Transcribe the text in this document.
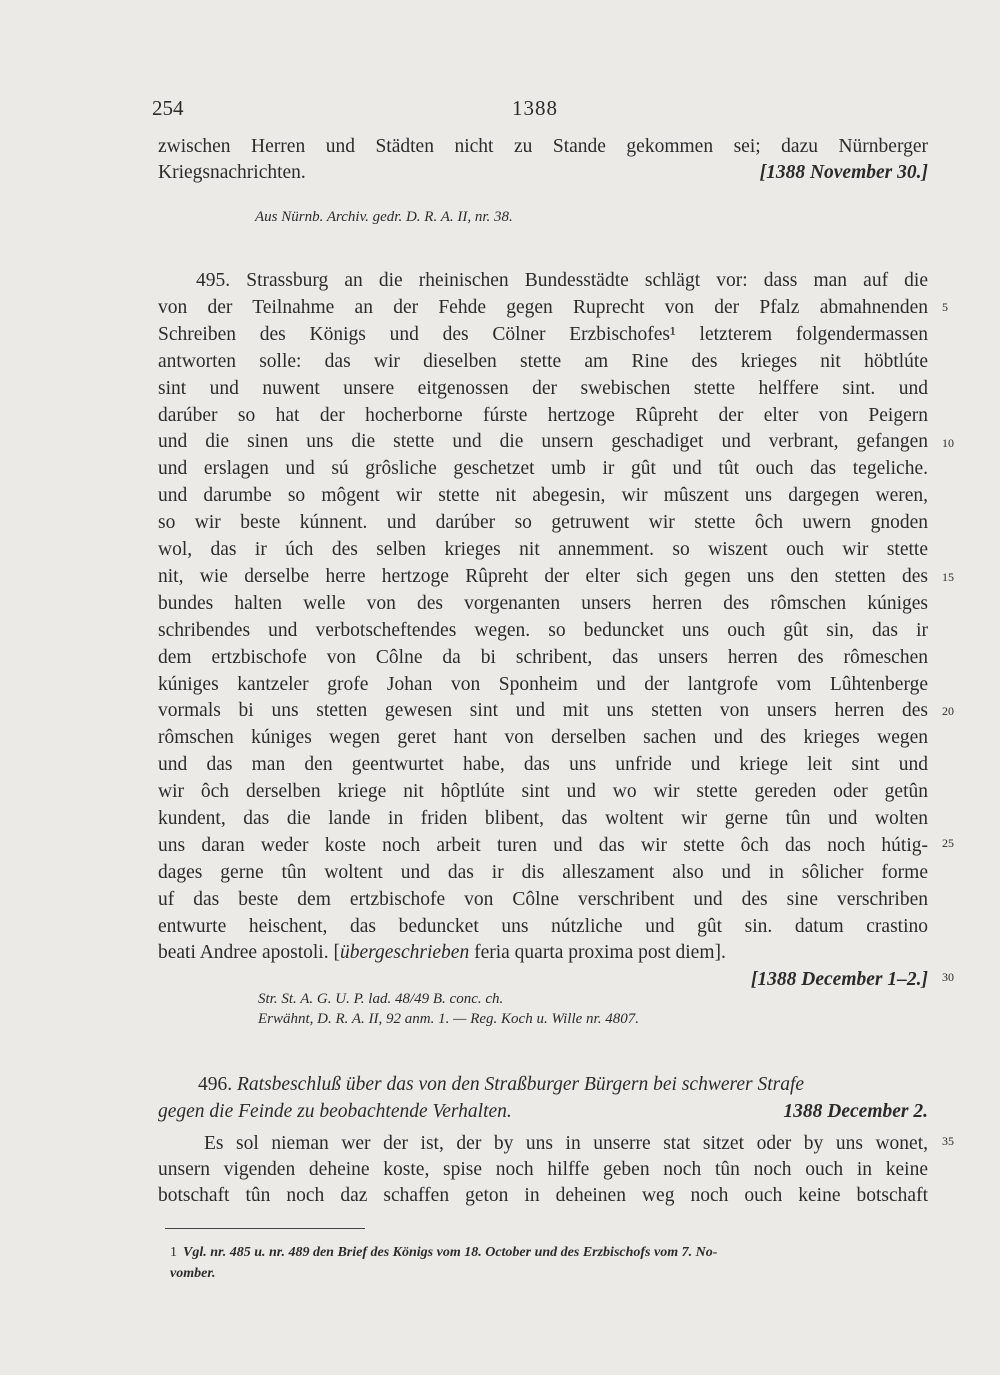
254	1388
zwischen Herren und Städten nicht zu Stande gekommen sei; dazu Nürnberger
Kriegsnachrichten.	[1388 November 30.]
Aus Nürnb. Archiv. gedr. D. R. A. II, nr. 38.
495. Strassburg an die rheinischen Bundesstädte schlägt vor: dass man auf die
von der Teilnahme an der Fehde gegen Ruprecht von der Pfalz abmahnenden
Schreiben des Königs und des Cölner Erzbischofes¹ letzterem folgendermassen
antworten solle: das wir dieselben stette am Rine des krieges nit höbtlúte
sint und nuwent unsere eitgenossen der swebischen stette helffere sint. und
darúber so hat der hocherborne fúrste hertzoge Rûpreht der elter von Peigern
und die sinen uns die stette und die unsern geschadiget und verbrant, gefangen
und erslagen und sú grôsliche geschetzet umb ir gût und tût ouch das tegeliche.
und darumbe so môgent wir stette nit abegesin, wir mûszent uns dargegen weren,
so wir beste kúnnent. und darúber so getruwent wir stette ôch uwern gnoden
wol, das ir úch des selben krieges nit annemment. so wiszent ouch wir stette
nit, wie derselbe herre hertzoge Rûpreht der elter sich gegen uns den stetten des
bundes halten welle von des vorgenanten unsers herren des rômschen kúniges
schribendes und verbotscheftendes wegen. so beduncket uns ouch gût sin, das ir
dem ertzbischofe von Côlne da bi schribent, das unsers herren des rômeschen
kúniges kantzeler grofe Johan von Sponheim und der lantgrofe vom Lûhtenberge
vormals bi uns stetten gewesen sint und mit uns stetten von unsers herren des
rômschen kúniges wegen geret hant von derselben sachen und des krieges wegen
und das man den geentwurtet habe, das uns unfride und kriege leit sint und
wir ôch derselben kriege nit hôptlúte sint und wo wir stette gereden oder getûn
kundent, das die lande in friden blibent, das woltent wir gerne tûn und wolten
uns daran weder koste noch arbeit turen und das wir stette ôch das noch hútig-
dages gerne tûn woltent und das ir dis alleszament also und in sôlicher forme
uf das beste dem ertzbischofe von Côlne verschribent und des sine verschriben
entwurte heischent, das beduncket uns nútzliche und gût sin. datum crastino
beati Andree apostoli. [übergeschrieben feria quarta proxima post diem].
[1388 December 1–2.]
Str. St. A. G. U. P. lad. 48/49 B. conc. ch.
Erwähnt, D. R. A. II, 92 anm. 1. — Reg. Koch u. Wille nr. 4807.
496. Ratsbeschluß über das von den Straßburger Bürgern bei schwerer Strafe
gegen die Feinde zu beobachtende Verhalten.	1388 December 2.
Es sol nieman wer der ist, der by uns in unserre stat sitzet oder by uns wonet,
unsern vigenden deheine koste, spise noch hilffe geben noch tûn noch ouch in keine
botschaft tûn noch daz schaffen geton in deheinen weg noch ouch keine botschaft
5
10
15
20
25
30
35
1 Vgl. nr. 485 u. nr. 489 den Brief des Königs vom 18. October und des Erzbischofs vom 7. No-
vomber.
